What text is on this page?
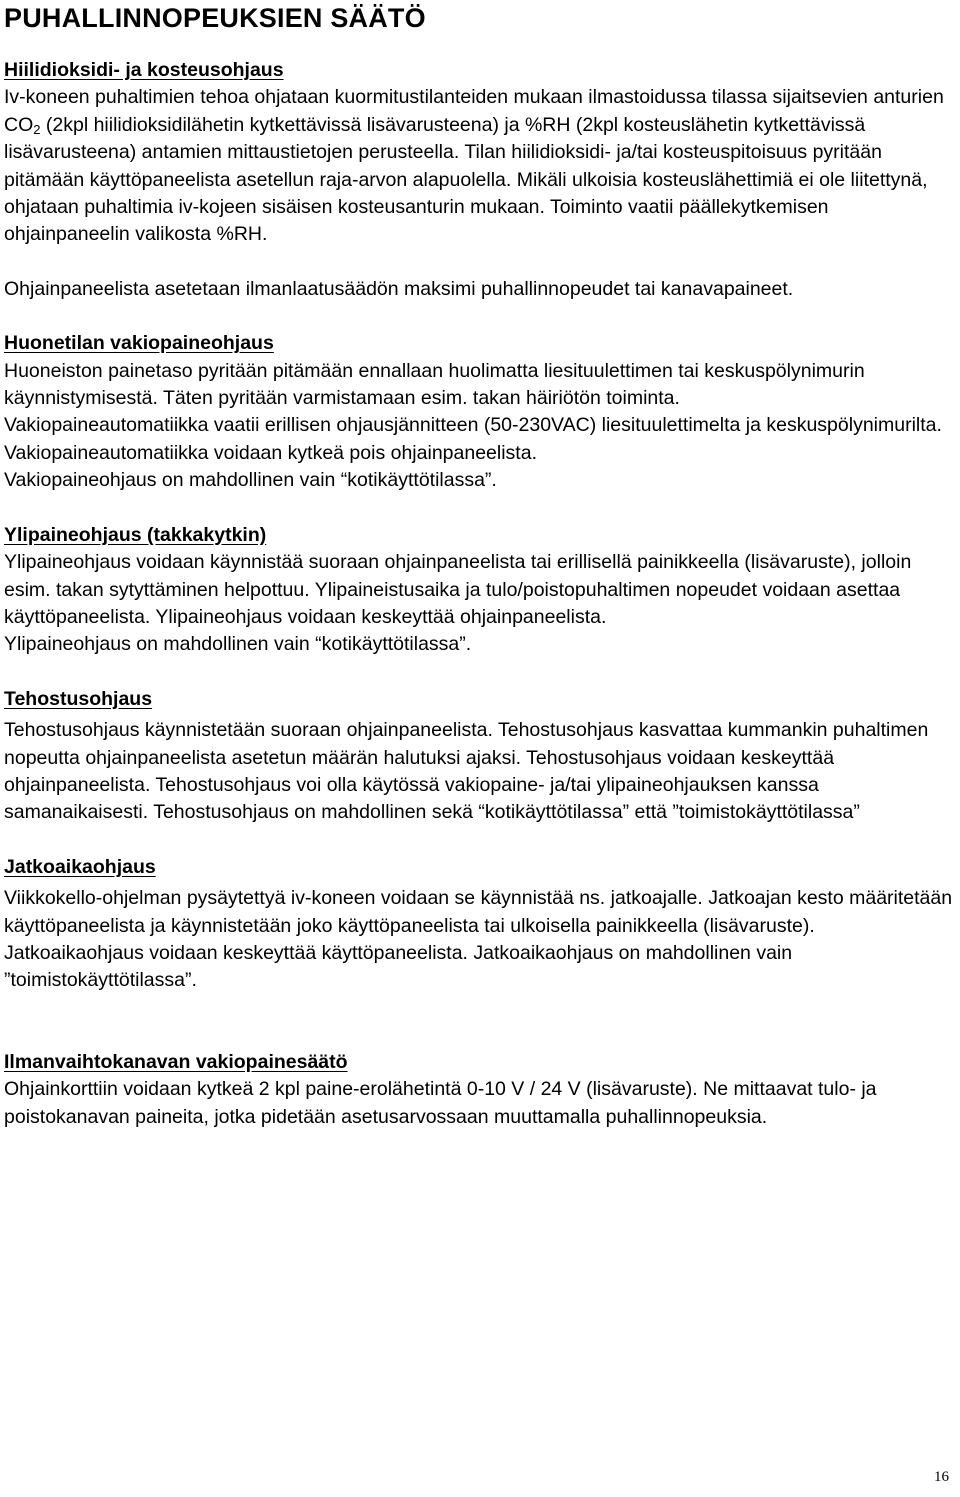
PUHALLINNOPEUKSIEN SÄÄTÖ
Hiilidioksidi- ja kosteusohjaus

Iv-koneen puhaltimien tehoa ohjataan kuormitustilanteiden mukaan ilmastoidussa tilassa sijaitsevien anturien $CO_2$ (2kpl hiilidioksidilähetin kytkettävissä lisävarusteena) ja %RH (2kpl kosteuslähetin kytkettävissä lisävarusteena) antamien mittaustietojen perusteella. Tilan hiilidioksidi- ja/tai kosteuspitoisuus pyritään pitämään käyttöpaneelista asetellun raja-arvon alapuolella. Mikäli ulkoisia kosteuslähettimiä ei ole liitettynä, ohjataan puhaltimia iv-kojeen sisäisen kosteusanturin mukaan. Toiminto vaatii päällekytkemisen ohjainpaneelin valikosta %RH.

Ohjainpaneelista asetetaan ilmanlaatusäädön maksimi puhallinnopeudet tai kanavapaineet.

Huonetilan vakiopaineohjaus

Huoneiston painetaso pyritään pitämään ennallaan huolimatta liesituulettimen tai keskuspölynimurin käynnistymisestä. Täten pyritään varmistamaan esim. takan häiriötön toiminta.

Vakiopaineautomatiikka vaatii erillisen ohjausjännitteen (50-230VAC) liesituulettimelta ja keskuspölynimurilta. Vakiopaineautomatiikka voidaan kytkeä pois ohjainpaneelista.

Vakiopaineohjaus on mahdollinen vain “kotikäyttötilassa”.

Ylipaineohjaus (takkakytkin)

Ylipaineohjaus voidaan käynnistää suoraan ohjainpaneelista tai erillisellä painikkeella (lisävaruste), jolloin esim. takan sytyttäminen helpottuu. Ylipaineistusaika ja tulo/poistopuhaltimen nopeudet voidaan asettaa käyttöpaneelista. Ylipaineohjaus voidaan keskeyttää ohjainpaneelista.

Ylipaineohjaus on mahdollinen vain “kotikäyttötilassa”.

Tehostusohjaus

Tehostusohjaus käynnistetään suoraan ohjainpaneelista. Tehostusohjaus kasvattaa kummankin puhaltimen nopeutta ohjainpaneelista asetetun määrän halutuksi ajaksi. Tehostusohjaus voidaan keskeyttää ohjainpaneelista. Tehostusohjaus voi olla käytössä vakiopaine- ja/tai ylipaineohjauksen kanssa samanaikaisesti. Tehostusohjaus on mahdollinen sekä “kotikäyttötilassa” että ”toimistokäyttötilassa”

Jatkoaikaohjaus

Viikkokello-ohjelman pysäytettyä iv-koneen voidaan se käynnistää ns. jatkoajalle. Jatkoajan kesto määritetään käyttöpaneelista ja käynnistetään joko käyttöpaneelista tai ulkoisella painikkeella (lisävaruste). Jatkoaikaohjaus voidaan keskeyttää käyttöpaneelista. Jatkoaikaohjaus on mahdollinen vain ”toimistokäyttötilassa”.

Ilmanvaihtokanavan vakiopainesäätö

Ohjainkorttiin voidaan kytkeä 2 kpl paine-erolähetintä 0-10 V / 24 V (lisävaruste). Ne mittaavat tulo- ja poistokanavan paineita, jotka pidetään asetusarvossaan muuttamalla puhallinnopeuksia.

16
